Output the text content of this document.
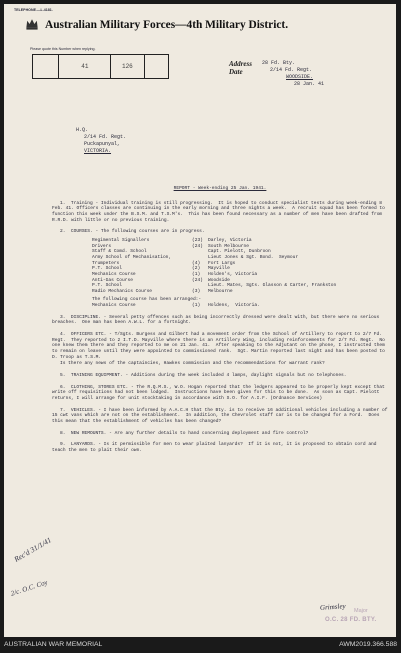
TELEPHONE.—L.4181.
Australian Military Forces—4th Military District.
Please quote this Number when replying.
41	126	Address
Date
28 Fd. Bty.
2/14 Fd. Regt.
WOODSIDE.
28 Jan. 41
H.Q.
2/14 Fd. Regt.
Puckapunyal,
VICTORIA.

REPORT - Week-ending 25 Jan. 1941.

1.  Training - Individual training is still progressing.  It is hoped to conduct specialist tests during week-ending 8 Feb. 41. Officers classes are continuing in the early morning and three nights a week.  A recruit squad has been formed to function this week under the B.S.M. and T.S.M's.  This has been found necessary as a number of men have been drafted from R.R.D. with little or no previous training.

2.  COURSES. - The following courses are in progress.

Regimental Signallers	(23)	Darley, Victoria
Drivers	(24)	South Melbourne
Staff & Comd. School	Capt. Pielott, Dunbroon
Army School of Mechanisation,	Lieut Jones & Sgt. Bond.  Seymour
Trumpeters	(4)	Fort Largs
P.T. School	(2)	Mayville
Mechanics Course	(1)	Holden's, Victoria
Anti-Gas Course	(24)	Woodside
P.T. School	Lieut. Mates, Sgts. Glasson & Carter, Frankston
Radio Mechanics Course	(3)	Melbourne
The following course has been arranged:-
Mechanics Course	(1)	Holdens,  Victoria.

3.  DISCIPLINE. - Several petty offences such as being incorrectly dressed were dealt with, but there were no serious breaches.  One man has been A.W.L. for a fortnight.

4.  OFFICERS ETC. - T/Sgts. Burgess and Gilbert had a movement order from the School of Artillery to report to 2/7 Fd. Regt.  They reported to 2 I.T.D. Mayville where there is an Artillery Wing, including reinforcements for 2/7 Fd. Regt.  No one knew them there and they reported to me on 21 Jan. 41.  After speaking to the Adjutant on the phone, I instructed them to remain on leave until they were appointed to commissioned rank.  Sgt. Martin reported last night and has been posted to D. Troop as T.S.M.

Is there any news of the captaincies, Hawkes commission and the recommendations for warrant rank?

5.  TRAINING EQUIPMENT. - Additions during the week included 4 lamps, daylight signals but no telephones.

6.  CLOTHING, STORES ETC. - The R.Q.M.S., W.O. Hogan reported that the ledgers appeared to be properly kept except that write off requisitions had not been lodged.  Instructions have been given for this to be done.  As soon as Capt. Pielott returns, I will arrange for unit stocktaking in accordance with S.O. for A.I.F. (Ordnance Services)

7.  VEHICLES. - I have been informed by A.A.C.H that the Bty. is to receive 16 additional vehicles including a number of 15 cwt vans which are not on the establishment.  In addition, the Chevrolet staff car is to be changed for a Ford.  Does this mean that the establishment of vehicles has been changed?

8.  NEW REMOUNTS. - Are any further details to hand concerning deployment and fire control?

9.  LANYARDS. - Is it permissible for men to wear plaited lanyards?  If it is not, it is proposed to obtain cord and teach the men to plait their own.

Rec'd 31/1/41
2/c. O.C. Coy
Grimsley Major
O.C. 28 FD. BTY.
AUSTRALIAN WAR MEMORIAL	AWM2019.366.588
